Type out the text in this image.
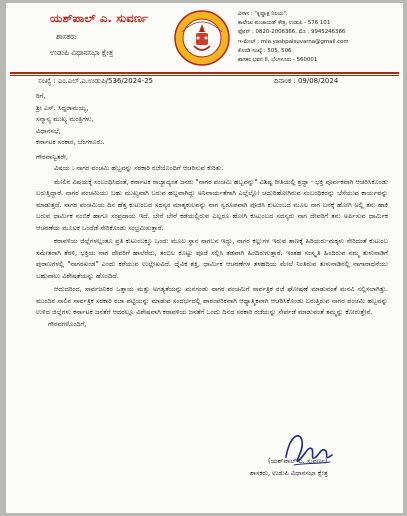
ಯಶ್‌ಪಾಲ್ ಎ. ಸುವರ್ಣ
ಶಾಸಕರು
ಉಡುಪಿ ವಿಧಾನಸಭಾ ಕ್ಷೇತ್ರ
ವಿಳಾಸ : "ಕೃಷ್ಣಾಕ್ಷ ನಿಲಯ",
ಕಾಲೇಜು ಪಂಚಾಯತ್ ಕೇತ್ರ, ಉಡುಪಿ - 576 101
ಫೋನ್ : 0820-2006366, ಮೊ : 9945246366
ಇ-ಮೇಲ್ : mla.yashpalsuvarna@gmail.com
ಕೊಠಡಿ ಸಂಖ್ಯೆ : 505, 506
ಶಾಸಕರ ಭವನ II, ಬೆಂಗಳೂರು - 560001
ಸಂಖ್ಯೆ : ಎಂ.ಎಲ್.ಎ.ಉಡುಪಿ/536/2024-25	ದಿನಾಂಕ : 09/08/2024
ರಿಗೆ,
ಶ್ರೀ ಎಸ್. ಸಿದ್ದರಾಮಯ್ಯ,
ಸನ್ಮಾನ್ಯ ಮುಖ್ಯ ಮಂತ್ರಿಗಳು,
ವಿಧಾನಸಭೆ,
ಕರ್ನಾಟಕ ಸರಕಾರ, ಬೆಂಗಳೂರು.
ಗೌರವಾನ್ವಿತರೇ,
ವಿಷಯ : ನಾಗರ ಪಂಚಮಿ ಹಬ್ಬವನ್ನು ಸರಕಾರಿ ರಜೆಯೊಂದಿಗೆ ಆಚರಿಸುವ ಕುರಿತು.
ಮೇಲಿನ ವಿಷಯಕ್ಕೆ ಸಂಬಂಧಿಸಿದಂತೆ, ಕರ್ನಾಟಕ ರಾಜ್ಯಾದ್ಯಂತ ಜನರು "ನಾಗರ ಪಂಚಮಿ ಹಬ್ಬವನ್ನು" ವಿಶಿಷ್ಟ ರೀತಿಯಲ್ಲಿ ಶ್ರದ್ಧಾ - ಭಕ್ತಿ ಪೂರ್ವಕವಾಗಿ ಆಚರಿಸಿಕೊಂಡು ಬರುತ್ತಿದ್ದಾರೆ. ನಾಗರ ಪಂಚಮಿಯು ಬಹು ಮುಖ್ಯವಾಗಿ ಬರುವ ಹಬ್ಬವಾಗಿದ್ದು ಅನಿವಾರ್ಯತೆಗಾಗಿ ಎಲ್ಲೆಲ್ಲೋ ಚದುರಿಹೋಗಿರುವ ಸಂಬಂಧಿಕರನ್ನು ಬೆಸೆಯುವ ಕಾರ್ಯವನ್ನು ಮಾಡುತ್ತದೆ. ನಾಗರ ಪಂಚಮಿಯ ದಿನ ಹೆತ್ತ ಕುಟುಂಬದ ಸದಸ್ಯರ ಮಾತೃಕುಲವನ್ನು ನಾಗ ಸ್ವರೂಪವಾಗಿ ಪೂಜಿಸಿ ಕುಟುಂಬದ ಮೂಲ ನಾಗ ಬನಕ್ಕೆ ಹೋಗಿ ಅಲ್ಲಿ ತನು ಹಾಕಿ ಬರುವ ಧಾರ್ಮಿಕ ನಂಬಿಕೆ ಹಾಗೂ ಸಂಪ್ರದಾಯ ಇದೆ. ಬೇರೆ ಬೇರೆ ಕಡೆಯಲ್ಲಿರುವ ಎಲ್ಲರೂ ಹೋಗಿ ಕುಟುಂಬದ ಸದಸ್ಯರು ನಾಗ ದೇವರಿಗೆ ತನು ಅರ್ಪಿಸುವ ಧಾರ್ಮಿಕ ಆಚರಣೆಯ ಮೂಲಕ ಒಂದೆಡೆ ಸೇರಿಕೊಂಡು ಸಂಭ್ರಮಿಸುತ್ತಾರೆ.
ಕರಾವಳಿಯ ಜಿಲ್ಲೆಗಳಲ್ಲಂತೂ ಪ್ರತಿ ಕುಟುಂಬಕ್ಕೂ ಒಂದು ಮೂಲ ಸ್ಥಾನ ನಾಗಬನ ಇದ್ದು, ನಾಗರ ಕಲ್ಲುಗಳ ಇರುವ ತಾಣಕ್ಕೆ ಹಿರಿಯರು-ಮಕ್ಕಳು ಸೇರಿದಂತೆ ಕುಟುಂಬ ಸಮೇತರಾಗಿ ತೆರಳಿ, ಭಕ್ತಿಯ ನಾಗ ದೇವರಿಗೆ ಹಾಲೆರೆದು, ತಂಬಿಲ ಕೊಟ್ಟು ಪೂಜೆ ಸಲ್ಲಿಸಿ ತಡವಾಗಿ ಹಿಂದಿರುಗುತ್ತಾರೆ. ಇಂತಹ ಸಂಸ್ಕೃತಿ ಹಿಂದಿರುವ ನಮ್ಮ ತುಳುನಾಡಿಗೆ ಪುರಾಣಗಳಲ್ಲಿ "ನಾಗರಖಂಡ" ಎಂದು ಕರೆಯುವ ಉಲ್ಲೇಖವಿದೆ. ದೈವಿಕ ಶಕ್ತಿ, ಧಾರ್ಮಿಕ ಆಚರಣೆಗಳ ತಳಹದಿಯ ಮೇಲೆ ನಿಂತಿರುವ ತುಳುನಾಡಿನಲ್ಲಿ ನಾಗಾರಾಧನೆಯು ಬಹುಪಾಲು ವಿಶೇಷತೆಯನ್ನು ಹೊಂದಿದೆ.
ಆದುದರಿಂದ, ಸಾರ್ವಜನಿಕರ ಒತ್ತಾಯ ಮತ್ತು ಅಗತ್ಯತೆಯನ್ನು ಮನಗಂಡು ನಾಗರ ಪಂಚಮಿಗೆ ಸಾರ್ವತ್ರಿಕ ರಜೆ ಘೋಷಣೆ ಮಾಡುವಂತೆ ಮನವಿ ಸಲ್ಲಿಸಲಾಗಿತ್ತು. ಮುಂದಿನ ಸಾಲಿನ ಸಾರ್ವತ್ರಿಕ ಸರಕಾರಿ ರಜಾ ಪಟ್ಟಿಯನ್ನು ಮಾಡುವ ಸಂದರ್ಭದಲ್ಲಿ ಪಾರಂಪರಿಕವಾಗಿ ಆಧ್ಯಾತ್ಮಿಕವಾಗಿ ಆಚರಿಸಿಕೊಂಡು ಬರುತ್ತಿರುವ ನಾಗರ ಪಂಚಮಿ ಹಬ್ಬವನ್ನು ಉಳಿದ ಜಿಲ್ಲೆಗಳು ಕರ್ನಾಟಕ ಜನತೆಗೆ ಆದರಲ್ಲೂ ವಿಶೇಷವಾಗಿ ಕರಾವಳಿಯ ಜನತೆಗೆ ಒಂದು ದಿನದ ಸರಕಾರಿ ರಜೆಯನ್ನು ಸೇರ್ಪಡೆ ಮಾಡುವಂತೆ ತಮ್ಮನ್ನು ಕೋರುತ್ತೇನೆ.
ಗೌರವಗಳೊಂದಿಗೆ,
(ಯಶ್‌ಪಾಲ್ ಎ. ಸುವರ್ಣ)
ಶಾಸಕರು, ಉಡುಪಿ ವಿಧಾನಸಭಾ ಕ್ಷೇತ್ರ
